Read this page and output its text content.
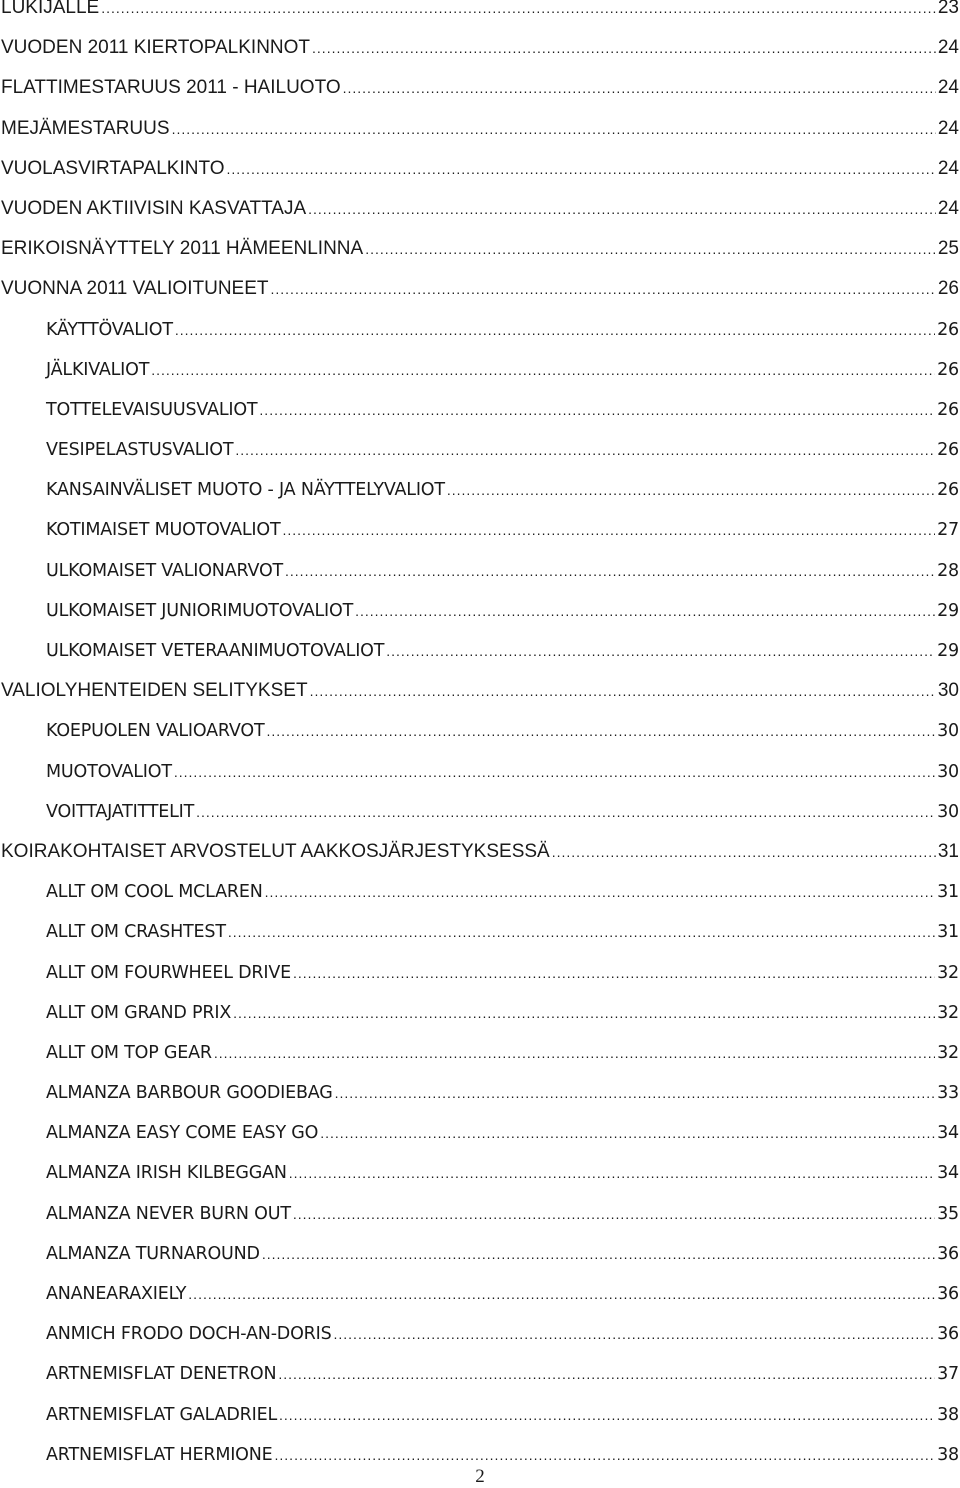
LUKIJALLE .....	23
VUODEN 2011 KIERTOPALKINNOT .....	24
FLATTIMESTARUUS 2011 - HAILUOTO .....	24
MEJÄMESTARUUS .....	24
VUOLASVIRTAPALKINTO .....	24
VUODEN AKTIIVISIN KASVATTAJA .....	24
ERIKOISNÄYTTELY 2011 HÄMEENLINNA .....	25
VUONNA 2011 VALIOITUNEET .....	26
KÄYTTÖVALIOT .....	26
JÄLKIVALIOT .....	26
TOTTELEVAISUUSVALIOT .....	26
VESIPELASTUSVALIOT .....	26
KANSAINVÄLISET MUOTO - JA NÄYTTELYVALIOT .....	26
KOTIMAISET MUOTOVALIOT .....	27
ULKOMAISET VALIONARVOT .....	28
ULKOMAISET JUNIORIMUOTOVALIOT .....	29
ULKOMAISET VETERAANIMUOTOVALIOT .....	29
VALIOLYHENTEIDEN SELITYKSET .....	30
KOEPUOLEN VALIOARVOT .....	30
MUOTOVALIOT .....	30
VOITTAJATITTELIT .....	30
KOIRAKOHTAISET ARVOSTELUT AAKKOSJÄRJESTYKSESSÄ .....	31
ALLT OM COOL MCLAREN .....	31
ALLT OM CRASHTEST .....	31
ALLT OM FOURWHEEL DRIVE .....	32
ALLT OM GRAND PRIX .....	32
ALLT OM TOP GEAR .....	32
ALMANZA BARBOUR GOODIEBAG .....	33
ALMANZA EASY COME EASY GO .....	34
ALMANZA IRISH KILBEGGAN .....	34
ALMANZA NEVER BURN OUT .....	35
ALMANZA TURNAROUND .....	36
ANANEARAXIELY .....	36
ANMICH FRODO DOCH-AN-DORIS .....	36
ARTNEMISFLAT DENETRON .....	37
ARTNEMISFLAT GALADRIEL .....	38
ARTNEMISFLAT HERMIONE .....	38
2
